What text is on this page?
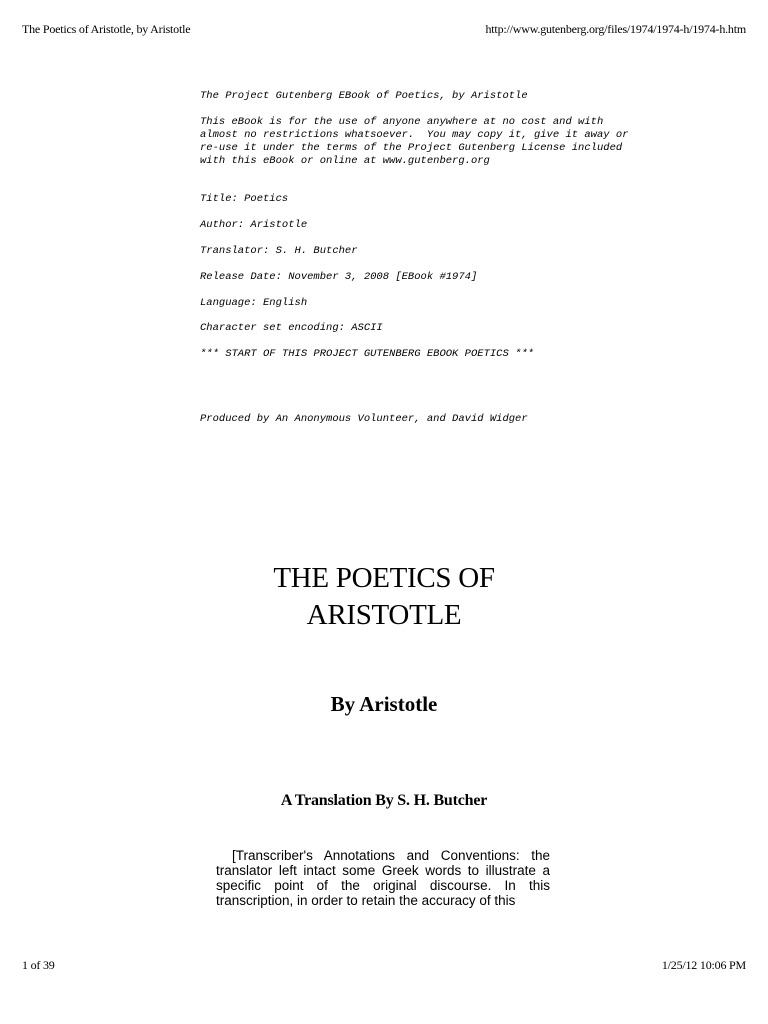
The Poetics of Aristotle, by Aristotle	http://www.gutenberg.org/files/1974/1974-h/1974-h.htm

The Project Gutenberg EBook of Poetics, by Aristotle

This eBook is for the use of anyone anywhere at no cost and with
almost no restrictions whatsoever.  You may copy it, give it away or
re-use it under the terms of the Project Gutenberg License included
with this eBook or online at www.gutenberg.org

Title: Poetics

Author: Aristotle

Translator: S. H. Butcher

Release Date: November 3, 2008 [EBook #1974]

Language: English

Character set encoding: ASCII

*** START OF THIS PROJECT GUTENBERG EBOOK POETICS ***

Produced by An Anonymous Volunteer, and David Widger

THE POETICS OF
ARISTOTLE
By Aristotle
A Translation By S. H. Butcher

[Transcriber's Annotations and Conventions: the translator left intact some Greek words to illustrate a specific point of the original discourse. In this transcription, in order to retain the accuracy of this

1 of 39	1/25/12 10:06 PM
